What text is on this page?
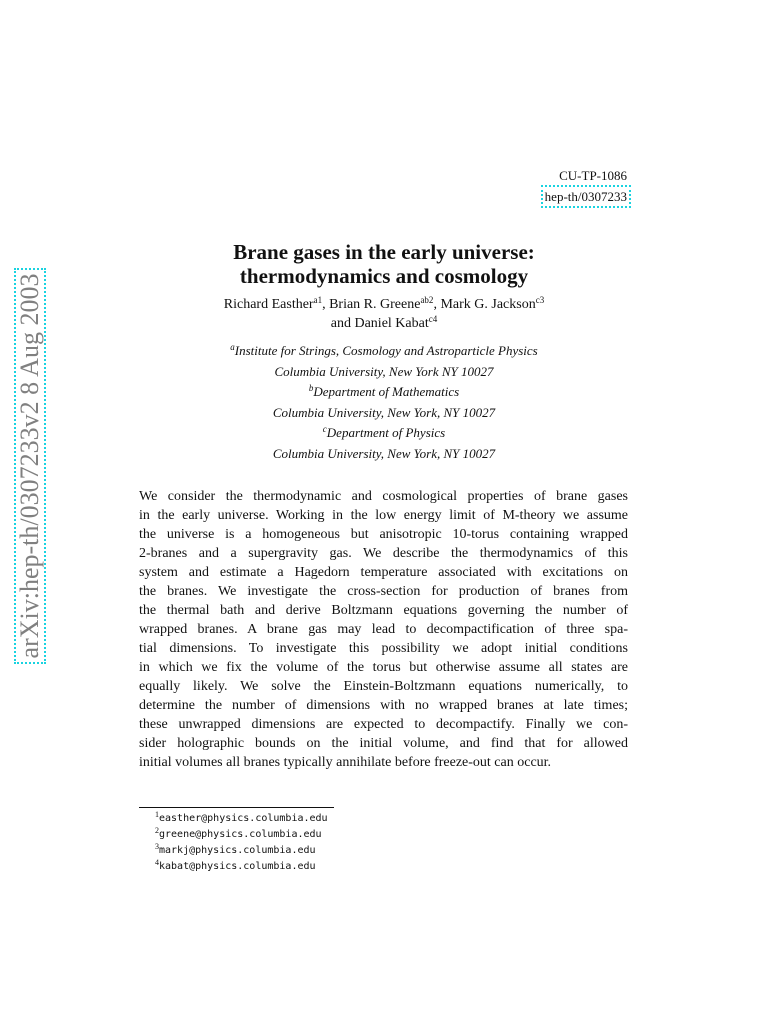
arXiv:hep-th/0307233v2 8 Aug 2003
CU-TP-1086
hep-th/0307233
Brane gases in the early universe:
thermodynamics and cosmology
Richard Easther$^{a1}$, Brian R. Greene$^{ab2}$, Mark G. Jackson$^{c3}$
and Daniel Kabat$^{c4}$
$^a$Institute for Strings, Cosmology and Astroparticle Physics
Columbia University, New York NY 10027
$^b$Department of Mathematics
Columbia University, New York, NY 10027
$^c$Department of Physics
Columbia University, New York, NY 10027
We consider the thermodynamic and cosmological properties of brane gases
in the early universe. Working in the low energy limit of M-theory we assume
the universe is a homogeneous but anisotropic 10-torus containing wrapped
2-branes and a supergravity gas. We describe the thermodynamics of this
system and estimate a Hagedorn temperature associated with excitations on
the branes. We investigate the cross-section for production of branes from
the thermal bath and derive Boltzmann equations governing the number of
wrapped branes. A brane gas may lead to decompactification of three spa-
tial dimensions. To investigate this possibility we adopt initial conditions
in which we fix the volume of the torus but otherwise assume all states are
equally likely. We solve the Einstein-Boltzmann equations numerically, to
determine the number of dimensions with no wrapped branes at late times;
these unwrapped dimensions are expected to decompactify. Finally we con-
sider holographic bounds on the initial volume, and find that for allowed
initial volumes all branes typically annihilate before freeze-out can occur.
$^1$easther@physics.columbia.edu
$^2$greene@physics.columbia.edu
$^3$markj@physics.columbia.edu
$^4$kabat@physics.columbia.edu
